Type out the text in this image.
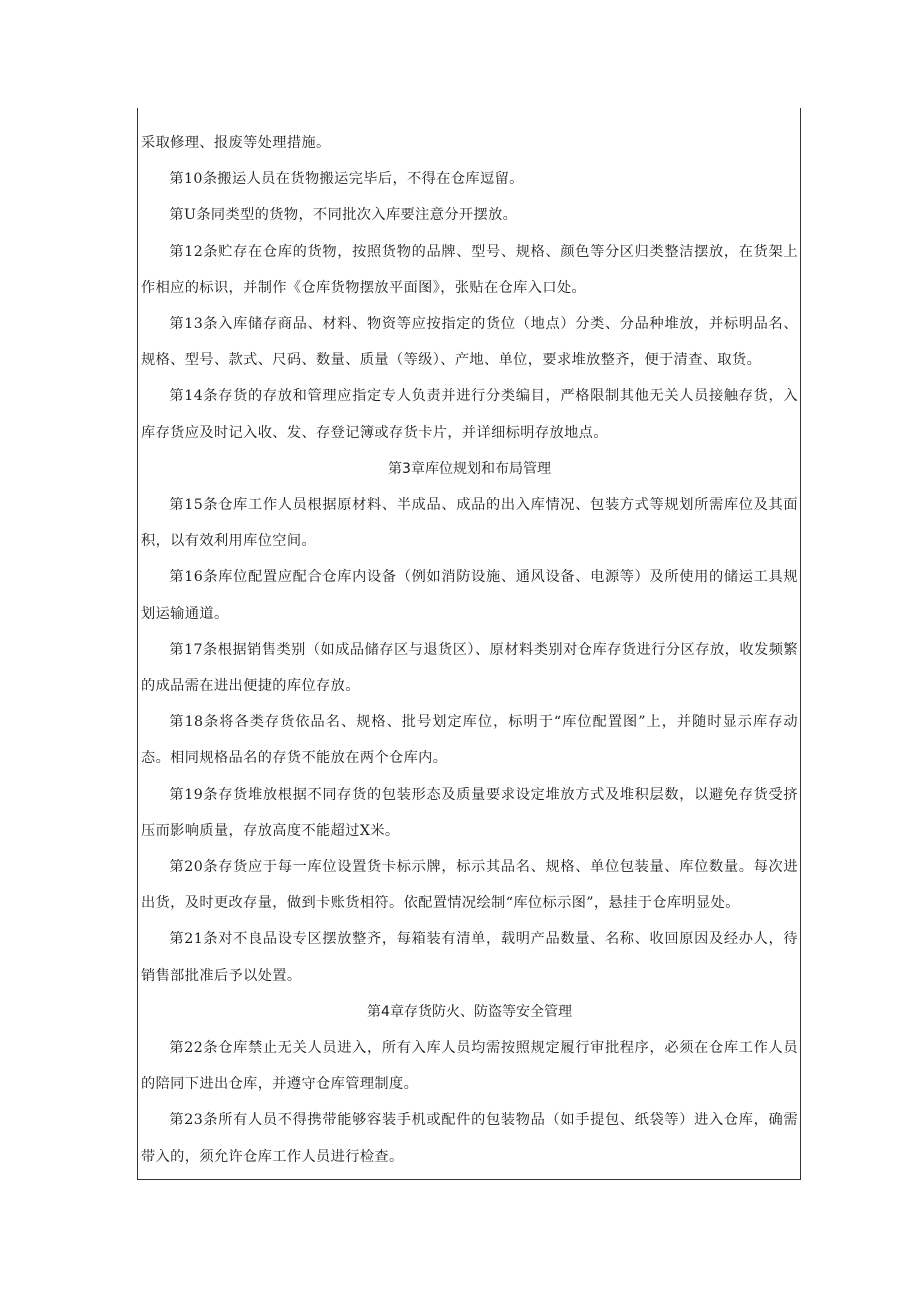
采取修理、报废等处理措施。

第10条搬运人员在货物搬运完毕后，不得在仓库逗留。

第U条同类型的货物，不同批次入库要注意分开摆放。

第12条贮存在仓库的货物，按照货物的品牌、型号、规格、颜色等分区归类整洁摆放，在货架上作相应的标识，并制作《仓库货物摆放平面图》，张贴在仓库入口处。

第13条入库储存商品、材料、物资等应按指定的货位（地点）分类、分品种堆放，并标明品名、规格、型号、款式、尺码、数量、质量（等级）、产地、单位，要求堆放整齐，便于清查、取货。

第14条存货的存放和管理应指定专人负责并进行分类编目，严格限制其他无关人员接触存货，入库存货应及时记入收、发、存登记簿或存货卡片，并详细标明存放地点。

第3章库位规划和布局管理

第15条仓库工作人员根据原材料、半成品、成品的出入库情况、包装方式等规划所需库位及其面积，以有效利用库位空间。

第16条库位配置应配合仓库内设备（例如消防设施、通风设备、电源等）及所使用的储运工具规划运输通道。

第17条根据销售类别（如成品储存区与退货区）、原材料类别对仓库存货进行分区存放，收发频繁的成品需在进出便捷的库位存放。

第18条将各类存货依品名、规格、批号划定库位，标明于“库位配置图”上，并随时显示库存动态。相同规格品名的存货不能放在两个仓库内。

第19条存货堆放根据不同存货的包装形态及质量要求设定堆放方式及堆积层数，以避免存货受挤压而影响质量，存放高度不能超过X米。

第20条存货应于每一库位设置货卡标示牌，标示其品名、规格、单位包装量、库位数量。每次进出货，及时更改存量，做到卡账货相符。依配置情况绘制“库位标示图”，悬挂于仓库明显处。

第21条对不良品设专区摆放整齐，每箱装有清单，载明产品数量、名称、收回原因及经办人，待销售部批准后予以处置。

第4章存货防火、防盗等安全管理

第22条仓库禁止无关人员进入，所有入库人员均需按照规定履行审批程序，必须在仓库工作人员的陪同下进出仓库，并遵守仓库管理制度。

第23条所有人员不得携带能够容装手机或配件的包装物品（如手提包、纸袋等）进入仓库，确需带入的，须允许仓库工作人员进行检查。
